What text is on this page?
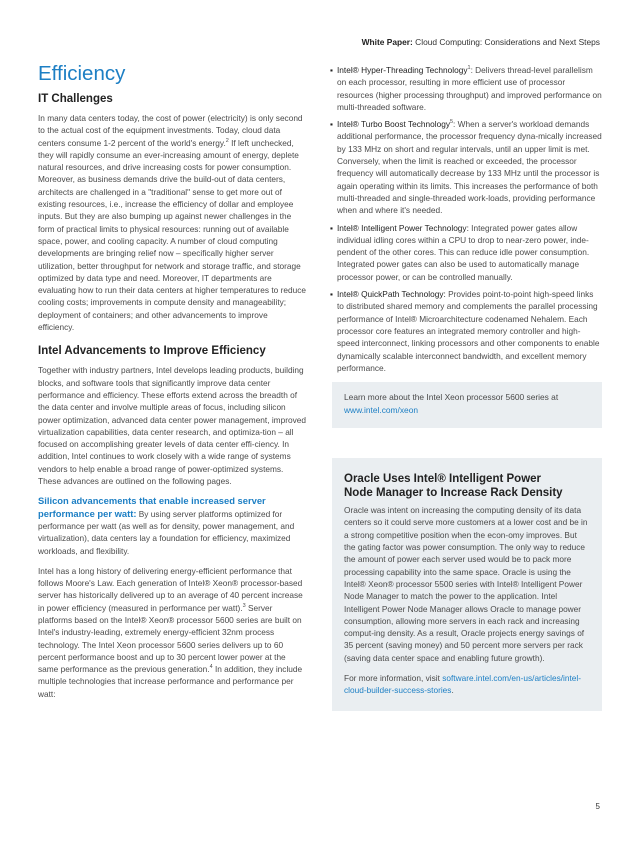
White Paper: Cloud Computing: Considerations and Next Steps
Efficiency
IT Challenges

In many data centers today, the cost of power (electricity) is only second to the actual cost of the equipment investments. Today, cloud data centers consume 1-2 percent of the world's energy.$^2$ If left unchecked, they will rapidly consume an ever-increasing amount of energy, deplete natural resources, and drive increasing costs for power consumption. Moreover, as business demands drive the build-out of data centers, architects are challenged in a "traditional" sense to get more out of existing resources, i.e., increase the efficiency of dollar and employee inputs. But they are also bumping up against newer challenges in the form of practical limits to physical resources: running out of available space, power, and cooling capacity. A number of cloud computing developments are bringing relief now – specifically higher server utilization, better throughput for network and storage traffic, and storage optimized by data type and need. Moreover, IT departments are evaluating how to run their data centers at higher temperatures to reduce cooling costs; improvements in compute density and manageability; deployment of containers; and other advancements to improve efficiency.

Intel Advancements to Improve Efficiency

Together with industry partners, Intel develops leading products, building blocks, and software tools that significantly improve data center performance and efficiency. These efforts extend across the breadth of the data center and involve multiple areas of focus, including silicon power optimization, advanced data center power management, improved virtualization capabilities, data center research, and optimiza-tion – all focused on accomplishing greater levels of data center effi-ciency. In addition, Intel continues to work closely with a wide range of systems vendors to help enable a broad range of power-optimized systems. These advances are outlined on the following pages.

Silicon advancements that enable increased server performance per watt: By using server platforms optimized for performance per watt (as well as for density, power management, and virtualization), data centers lay a foundation for efficiency, maximized workloads, and flexibility.

Intel has a long history of delivering energy-efficient performance that follows Moore's Law. Each generation of Intel® Xeon® processor-based server has historically delivered up to an average of 40 percent increase in power efficiency (measured in performance per watt).$^3$ Server platforms based on the Intel® Xeon® processor 5600 series are built on Intel's industry-leading, extremely energy-efficient 32nm process technology. The Intel Xeon processor 5600 series delivers up to 60 percent performance boost and up to 30 percent lower power at the same performance as the previous generation.$^4$ In addition, they include multiple technologies that increase performance and performance per watt:

▪ Intel® Hyper-Threading Technology$^1$: Delivers thread-level parallelism on each processor, resulting in more efficient use of processor resources (higher processing throughput) and improved performance on multi-threaded software.
▪ Intel® Turbo Boost Technology$^5$: When a server's workload demands additional performance, the processor frequency dyna-mically increased by 133 MHz on short and regular intervals, until an upper limit is met. Conversely, when the limit is reached or exceeded, the processor frequency will automatically decrease by 133 MHz until the processor is again operating within its limits. This increases the performance of both multi-threaded and single-threaded work-loads, providing performance when and where it's needed.
▪ Intel® Intelligent Power Technology: Integrated power gates allow individual idling cores within a CPU to drop to near-zero power, inde-pendent of the other cores. This can reduce idle power consumption. Integrated power gates can also be used to automatically manage processor power, or can be controlled manually.
▪ Intel® QuickPath Technology: Provides point-to-point high-speed links to distributed shared memory and complements the parallel processing performance of Intel® Microarchitecture codenamed Nehalem. Each processor core features an integrated memory controller and high-speed interconnect, linking processors and other components to enable dynamically scalable interconnect bandwidth, and excellent memory performance.

Learn more about the Intel Xeon processor 5600 series at www.intel.com/xeon

Oracle Uses Intel® Intelligent Power
Node Manager to Increase Rack Density

Oracle was intent on increasing the computing density of its data centers so it could serve more customers at a lower cost and be in a strong competitive position when the econ-omy improves. But the gating factor was power consumption. The only way to reduce the amount of power each server used would be to pack more processing capability into the same space. Oracle is using the Intel® Xeon® processor 5500 series with Intel® Intelligent Power Node Manager to match the power to the application. Intel Intelligent Power Node Manager allows Oracle to manage power consumption, allowing more servers in each rack and increasing comput-ing density. As a result, Oracle projects energy savings of 35 percent (saving money) and 50 percent more servers per rack (saving data center space and enabling future growth).

For more information, visit software.intel.com/en-us/articles/intel-cloud-builder-success-stories.

5
